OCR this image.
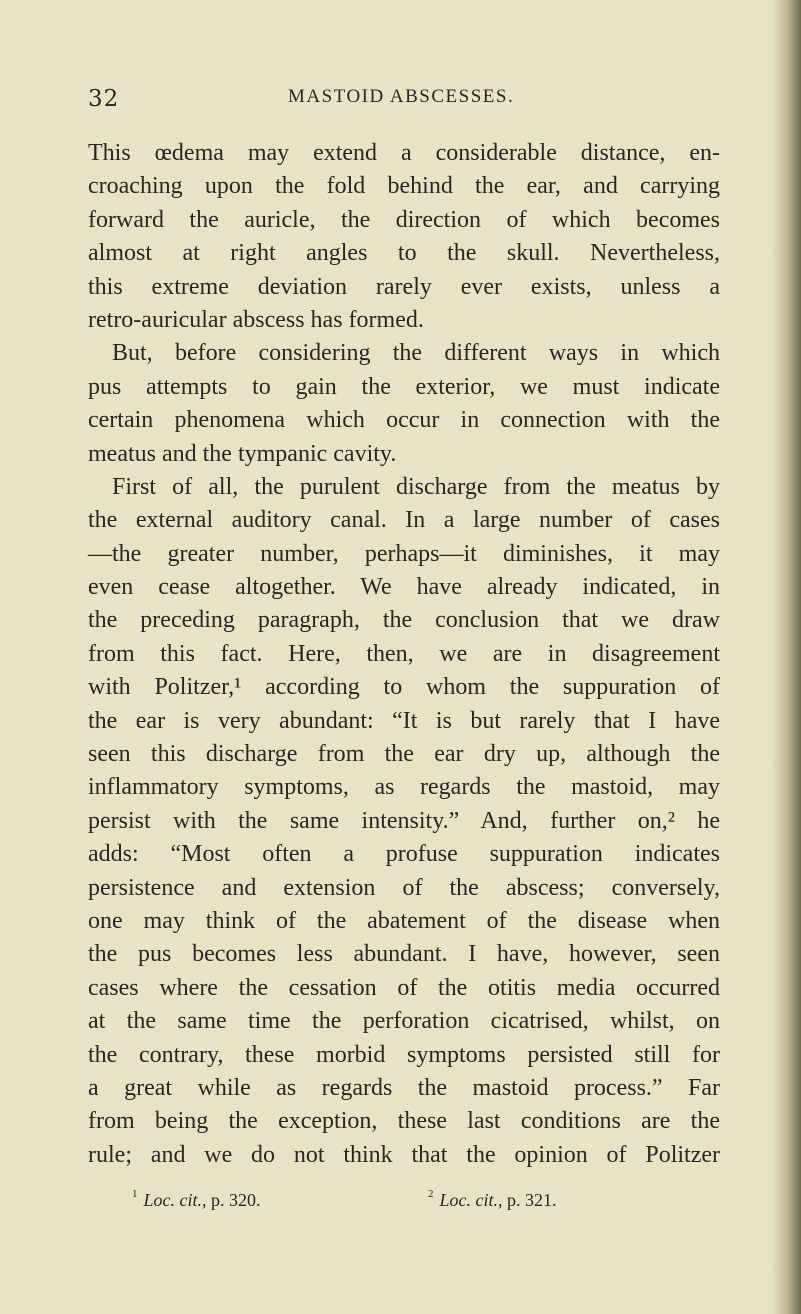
32	MASTOID ABSCESSES.
This œdema may extend a considerable distance, en-
croaching upon the fold behind the ear, and carrying
forward the auricle, the direction of which becomes
almost at right angles to the skull. Nevertheless,
this extreme deviation rarely ever exists, unless a
retro-auricular abscess has formed.
But, before considering the different ways in which
pus attempts to gain the exterior, we must indicate
certain phenomena which occur in connection with the
meatus and the tympanic cavity.
First of all, the purulent discharge from the meatus by
the external auditory canal. In a large number of cases
—the greater number, perhaps—it diminishes, it may
even cease altogether. We have already indicated, in
the preceding paragraph, the conclusion that we draw
from this fact. Here, then, we are in disagreement
with Politzer,¹ according to whom the suppuration of
the ear is very abundant: “It is but rarely that I have
seen this discharge from the ear dry up, although the
inflammatory symptoms, as regards the mastoid, may
persist with the same intensity.” And, further on,² he
adds: “Most often a profuse suppuration indicates
persistence and extension of the abscess; conversely,
one may think of the abatement of the disease when
the pus becomes less abundant. I have, however, seen
cases where the cessation of the otitis media occurred
at the same time the perforation cicatrised, whilst, on
the contrary, these morbid symptoms persisted still for
a great while as regards the mastoid process.” Far
from being the exception, these last conditions are the
rule; and we do not think that the opinion of Politzer
$^1$ Loc. cit., p. 320.	$^2$ Loc. cit., p. 321.
